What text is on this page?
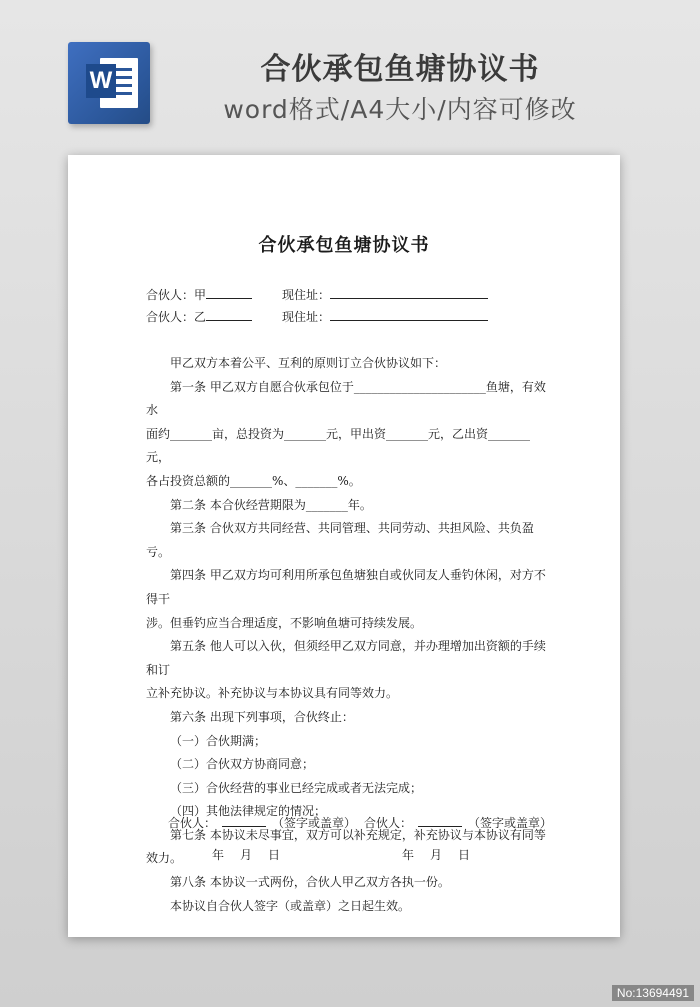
W	合伙承包鱼塘协议书
word格式/A4大小/内容可修改
合伙承包鱼塘协议书
合伙人：甲	现住址：
合伙人：乙	现住址：

甲乙双方本着公平、互利的原则订立合伙协议如下：

第一条 甲乙双方自愿合伙承包位于______________________鱼塘，有效水

面约_______亩，总投资为_______元，甲出资_______元，乙出资_______元，

各占投资总额的_______%、_______%。

第二条 本合伙经营期限为_______年。

第三条 合伙双方共同经营、共同管理、共同劳动、共担风险、共负盈亏。

第四条 甲乙双方均可利用所承包鱼塘独自或伙同友人垂钓休闲，对方不得干

涉。但垂钓应当合理适度，不影响鱼塘可持续发展。

第五条 他人可以入伙，但须经甲乙双方同意，并办理增加出资额的手续和订

立补充协议。补充协议与本协议具有同等效力。

第六条 出现下列事项，合伙终止：

（一）合伙期满；

（二）合伙双方协商同意；

（三）合伙经营的事业已经完成或者无法完成；

（四）其他法律规定的情况；

第七条 本协议未尽事宜，双方可以补充规定，补充协议与本协议有同等效力。

第八条 本协议一式两份，合伙人甲乙双方各执一份。

本协议自合伙人签字（或盖章）之日起生效。

合伙人：	（签字或盖章） 合伙人：	（签字或盖章）
年 月 日	年 月 日
No:13694491
